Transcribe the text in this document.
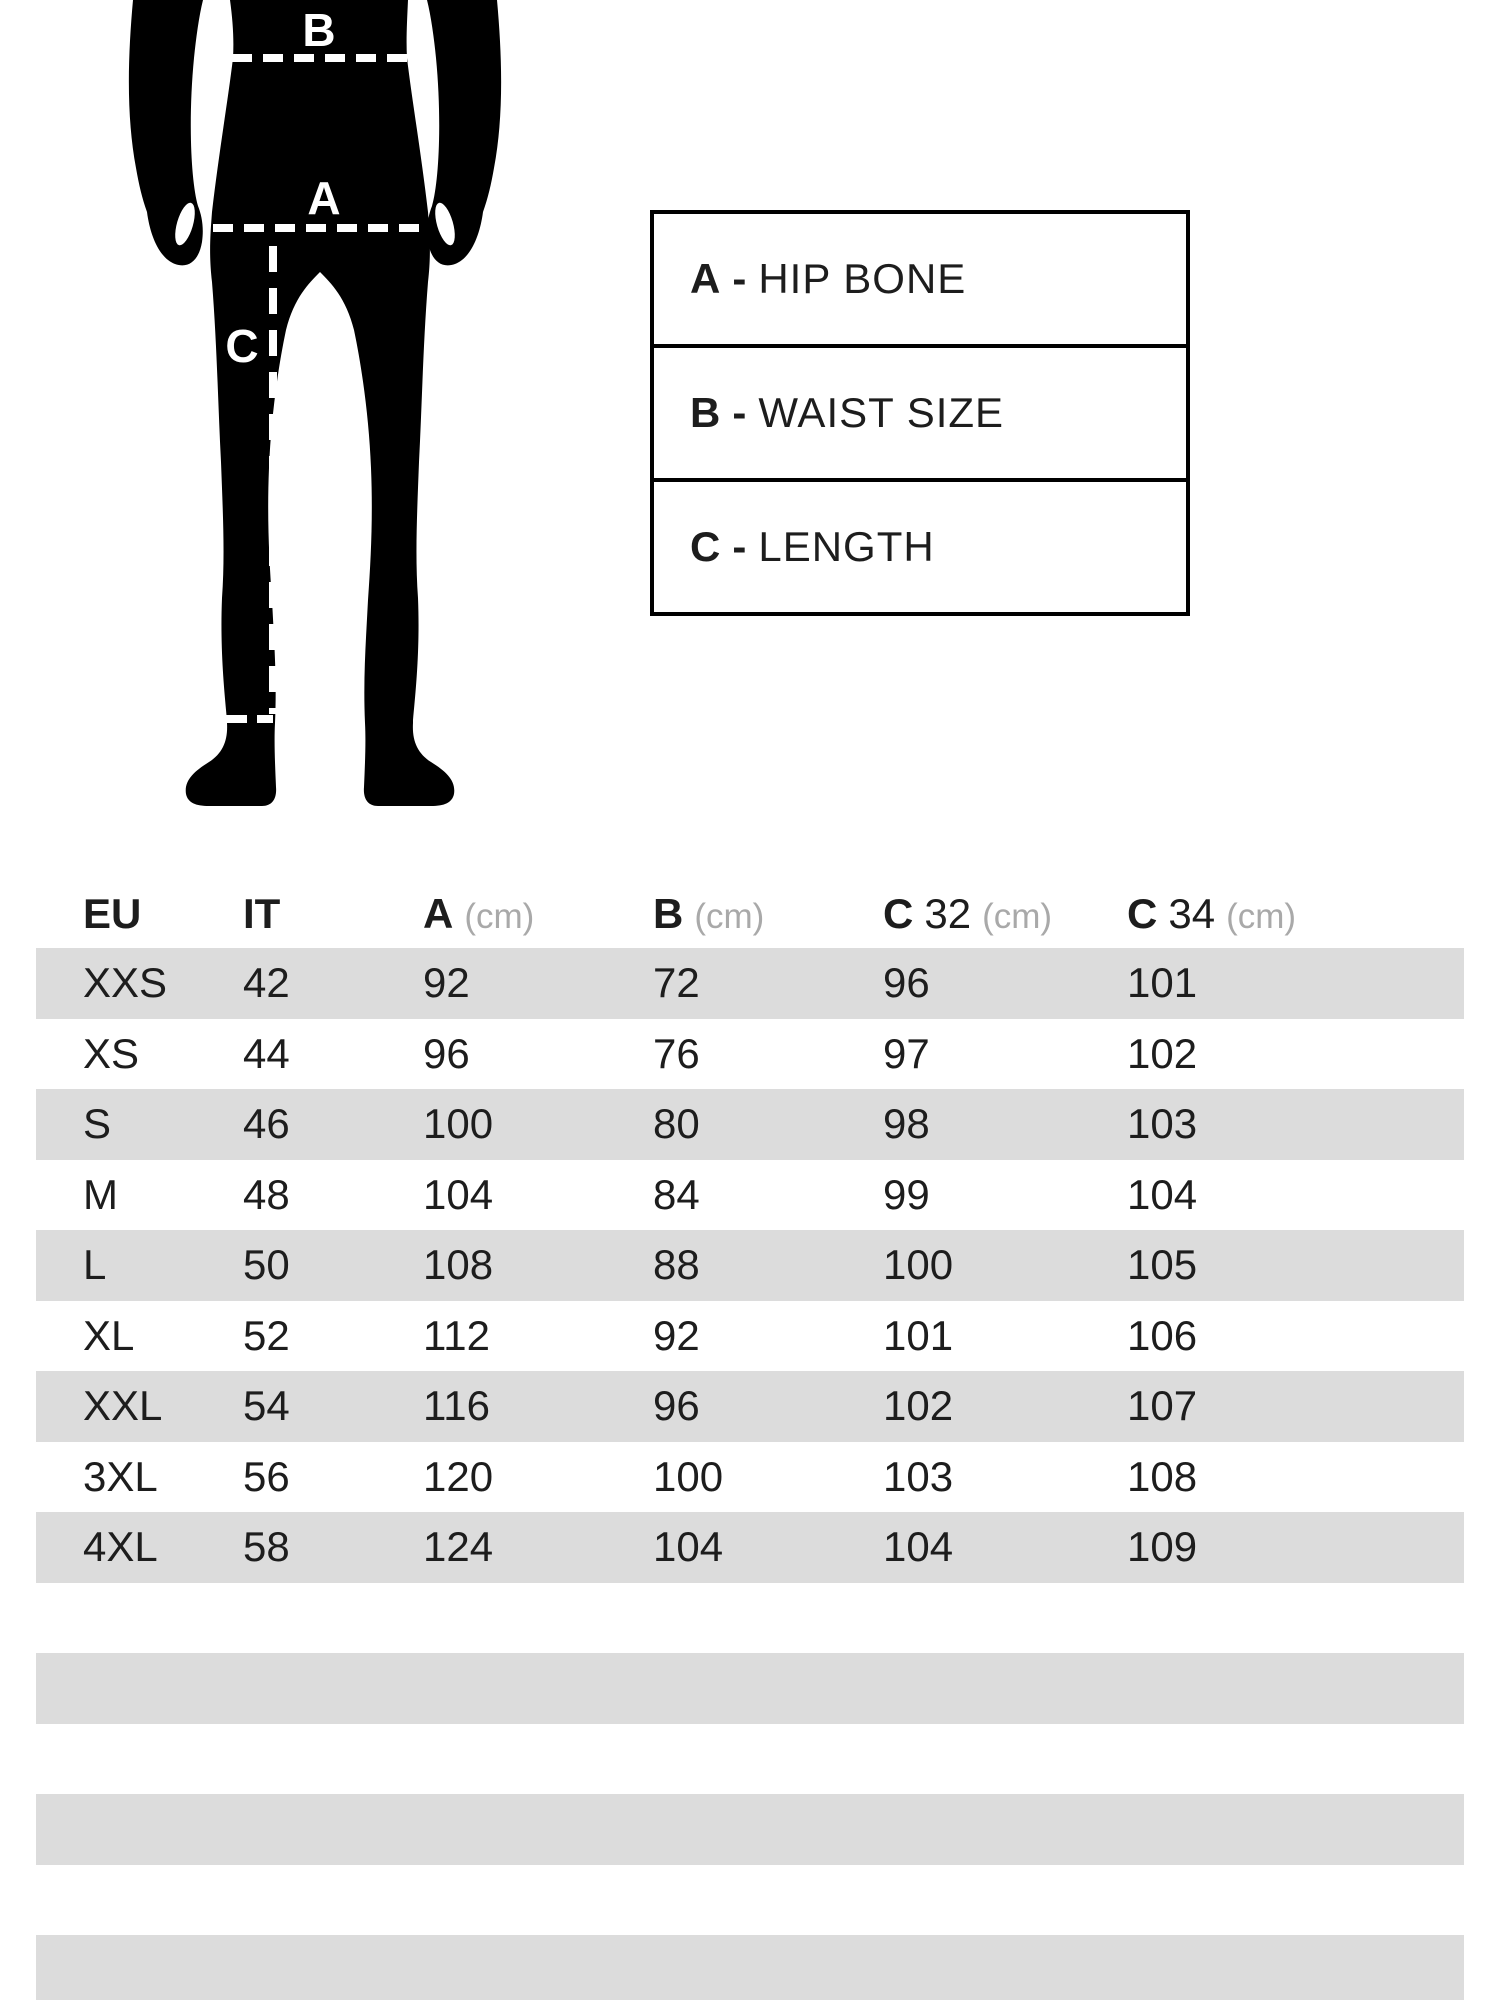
B
A
C
A - HIP BONE
B - WAIST SIZE
C - LENGTH
EU	IT	A (cm)	B (cm)	C 32 (cm)	C 34 (cm)
XXS	42	92	72	96	101
XS	44	96	76	97	102
S	46	100	80	98	103
M	48	104	84	99	104
L	50	108	88	100	105
XL	52	112	92	101	106
XXL	54	116	96	102	107
3XL	56	120	100	103	108
4XL	58	124	104	104	109
